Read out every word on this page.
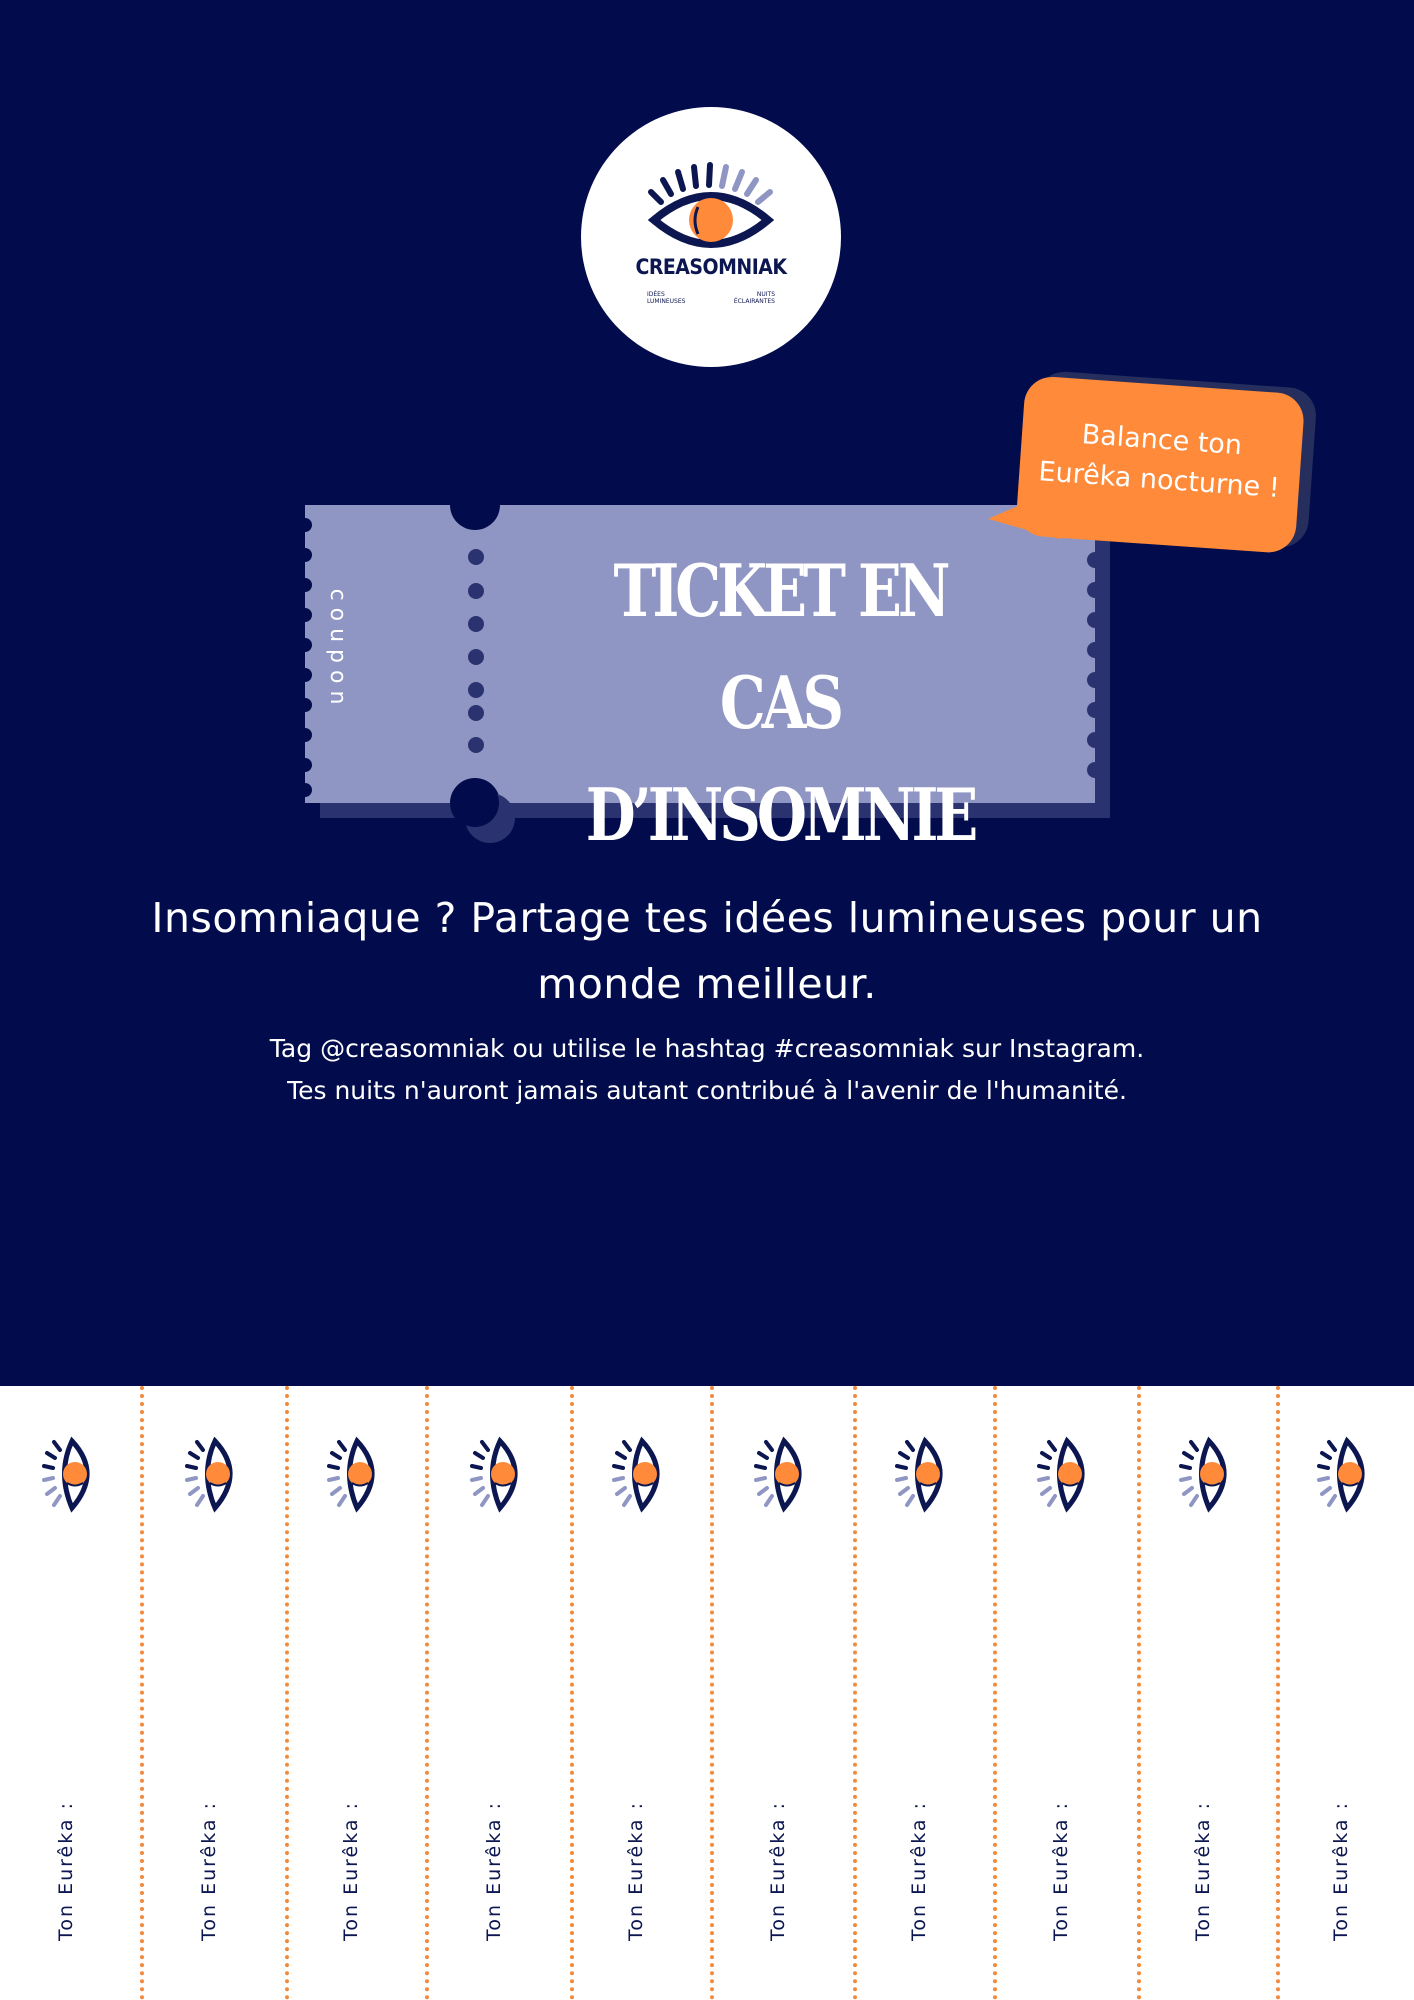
CREASOMNIAK
IDÉES
LUMINEUSES
NUITS
ÉCLAIRANTES
coupon	TICKET EN CAS
D’INSOMNIE
Balance ton
Eurêka nocturne !
Insomniaque ? Partage tes idées lumineuses pour un
monde meilleur.
Tag @creasomniak ou utilise le hashtag #creasomniak sur Instagram.
Tes nuits n'auront jamais autant contribué à l'avenir de l'humanité.
Ton Eurêka :	Ton Eurêka :	Ton Eurêka :	Ton Eurêka :	Ton Eurêka :	Ton Eurêka :	Ton Eurêka :	Ton Eurêka :	Ton Eurêka :	Ton Eurêka :
